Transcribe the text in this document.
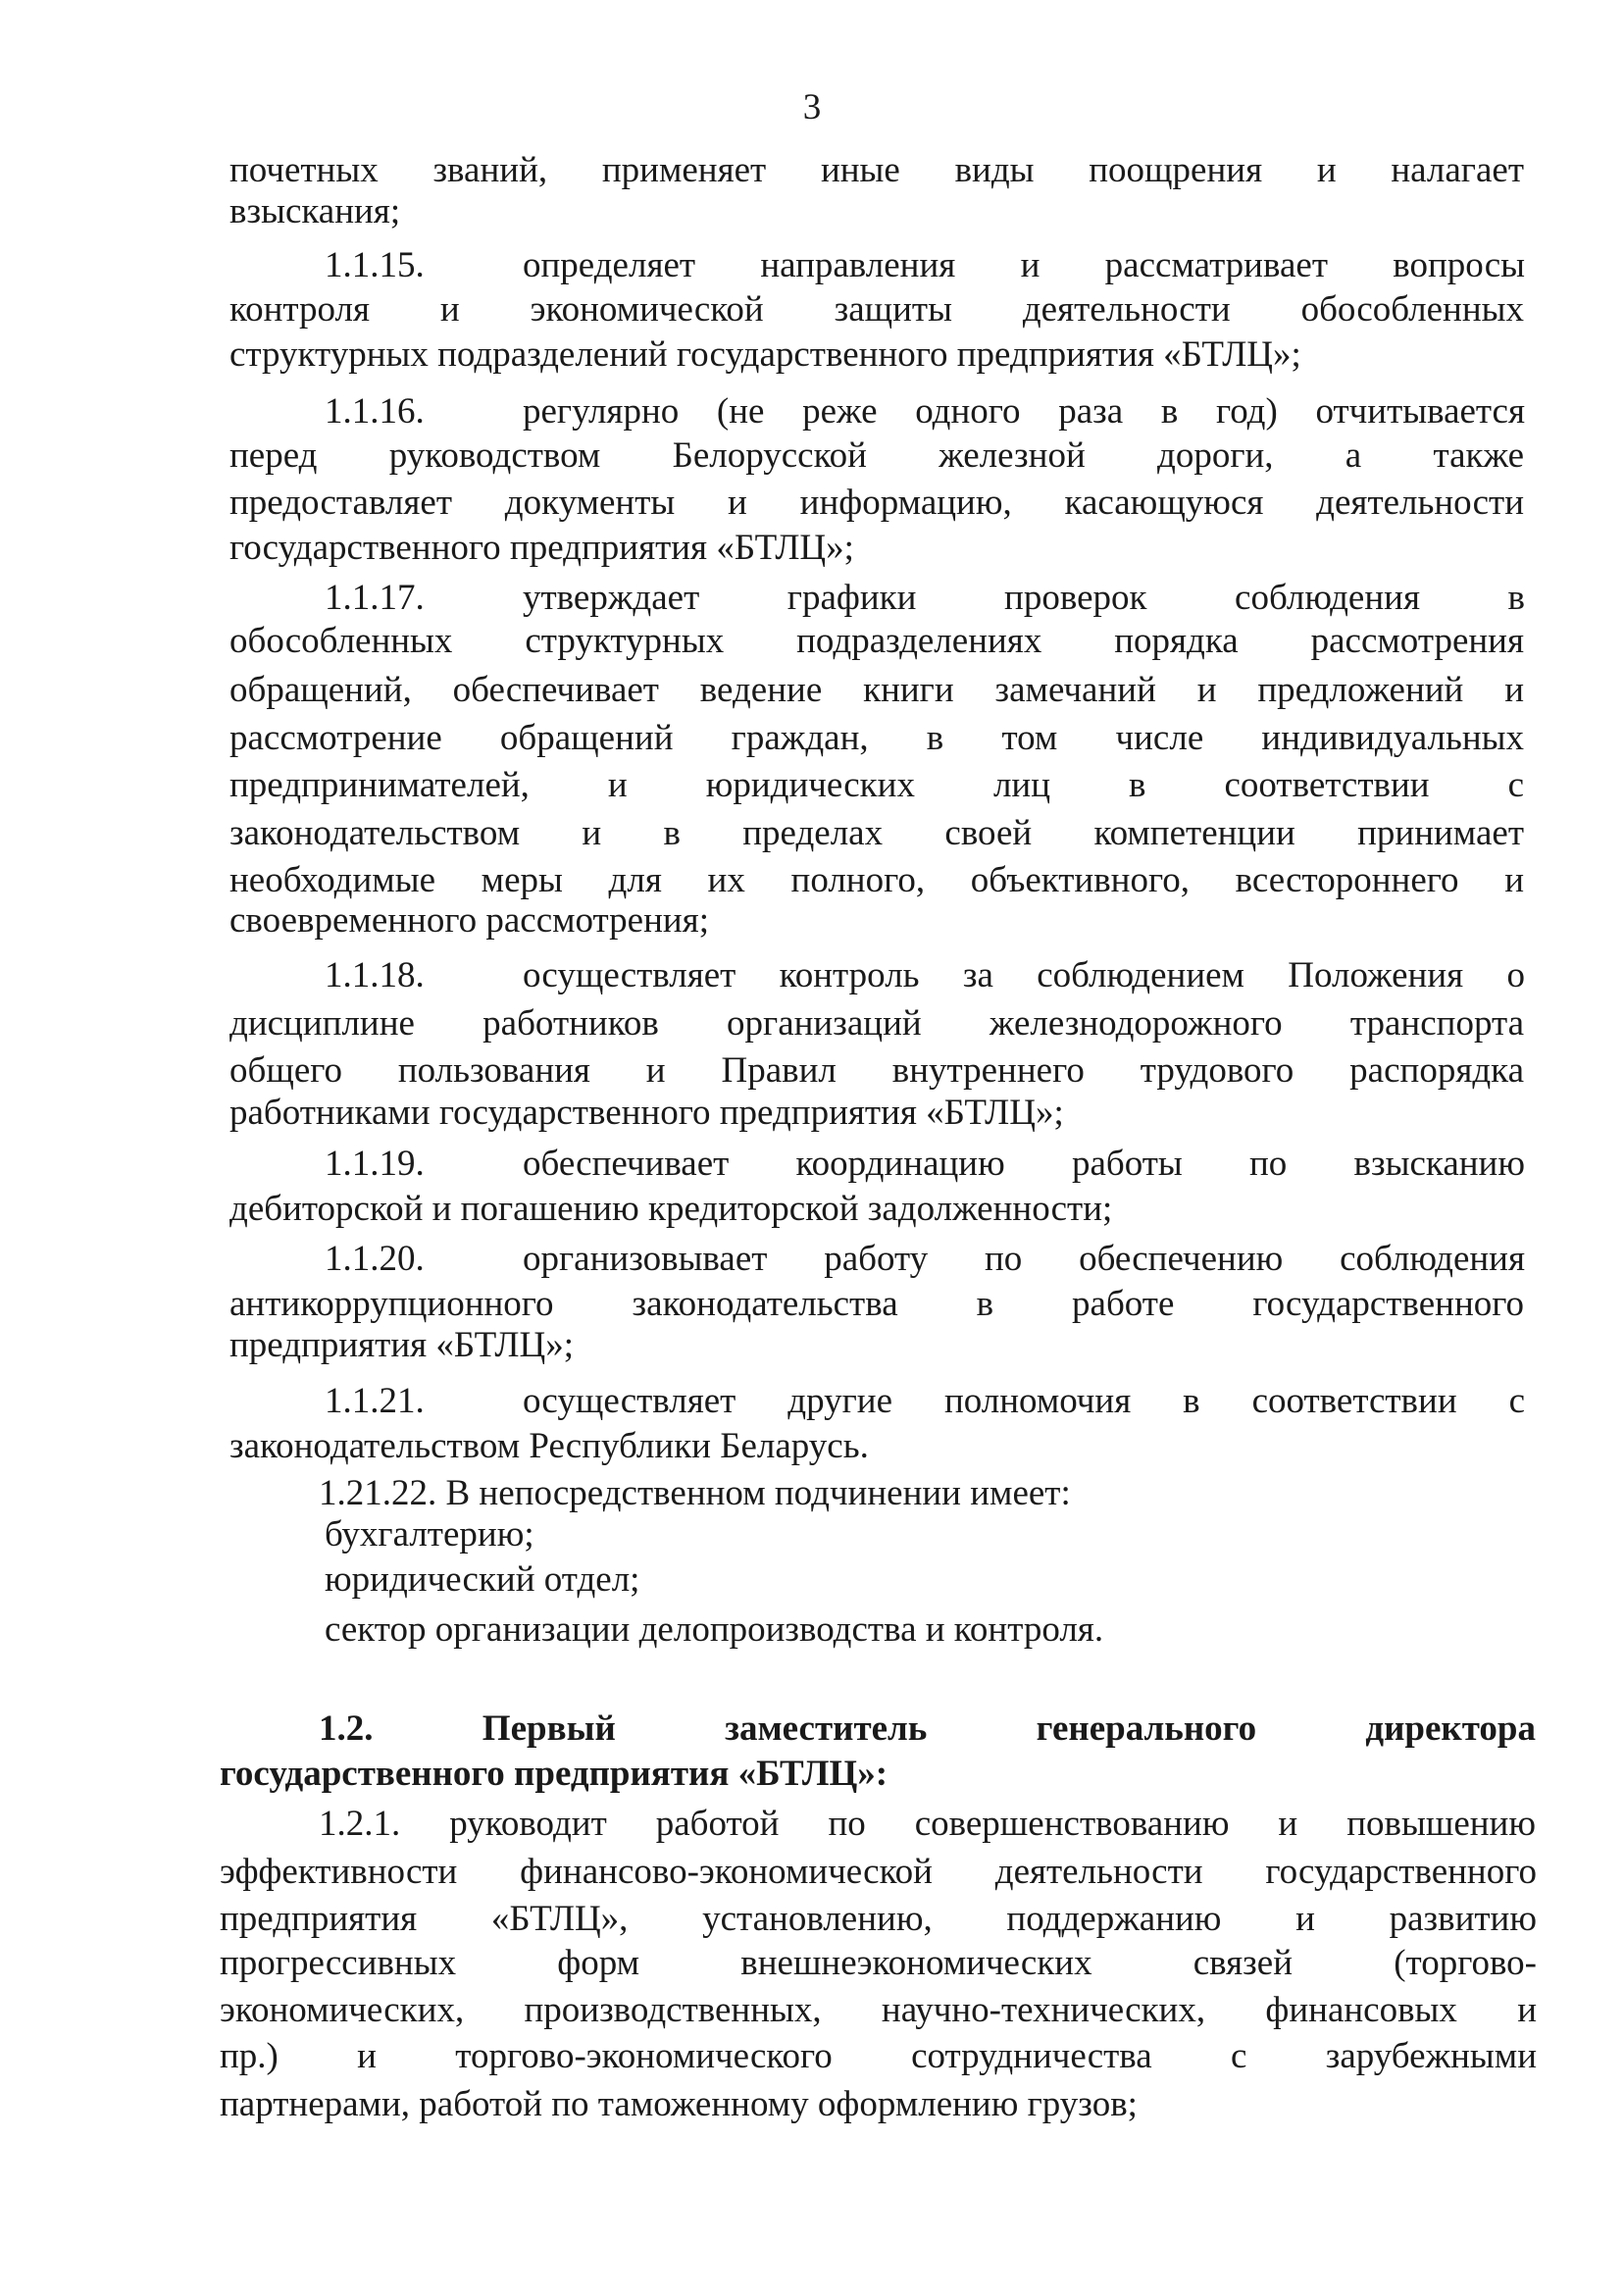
3
почетных званий, применяет иные виды поощрения и налагает
взыскания;
1.1.15.	определяет направления и рассматривает вопросы
контроля и экономической защиты деятельности обособленных
структурных подразделений государственного предприятия «БТЛЦ»;
1.1.16.	регулярно (не реже одного раза в год) отчитывается
перед руководством Белорусской железной дороги, а также
предоставляет документы и информацию, касающуюся деятельности
государственного предприятия «БТЛЦ»;
1.1.17.	утверждает графики проверок соблюдения в
обособленных структурных подразделениях порядка рассмотрения
обращений, обеспечивает ведение книги замечаний и предложений и
рассмотрение обращений граждан, в том числе индивидуальных
предпринимателей, и юридических лиц в соответствии с
законодательством и в пределах своей компетенции принимает
необходимые меры для их полного, объективного, всестороннего и
своевременного рассмотрения;
1.1.18.	осуществляет контроль за соблюдением Положения о
дисциплине работников организаций железнодорожного транспорта
общего пользования и Правил внутреннего трудового распорядка
работниками государственного предприятия «БТЛЦ»;
1.1.19.	обеспечивает координацию работы по взысканию
дебиторской и погашению кредиторской задолженности;
1.1.20.	организовывает работу по обеспечению соблюдения
антикоррупционного законодательства в работе государственного
предприятия «БТЛЦ»;
1.1.21.	осуществляет другие полномочия в соответствии с
законодательством Республики Беларусь.
1.21.22. В непосредственном подчинении имеет:
бухгалтерию;
юридический отдел;
сектор организации делопроизводства и контроля.
1.2. Первый заместитель генерального директора
государственного предприятия «БТЛЦ»:
1.2.1. руководит работой по совершенствованию и повышению
эффективности финансово-экономической деятельности государственного
предприятия «БТЛЦ», установлению, поддержанию и развитию
прогрессивных форм внешнеэкономических связей (торгово-
экономических, производственных, научно-технических, финансовых и
пр.) и торгово-экономического сотрудничества с зарубежными
партнерами, работой по таможенному оформлению грузов;
